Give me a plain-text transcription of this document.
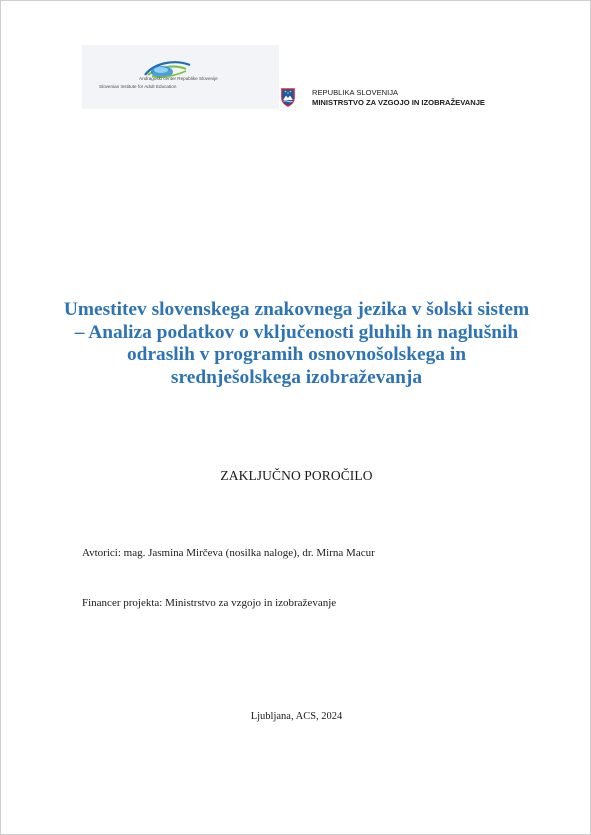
Andragoški center Republike Slovenije
Slovenian Institute for Adult Education
REPUBLIKA SLOVENIJA
MINISTRSTVO ZA VZGOJO IN IZOBRAŽEVANJE
Umestitev slovenskega znakovnega jezika v šolski sistem – Analiza podatkov o vključenosti gluhih in naglušnih odraslih v programih osnovnošolskega in srednješolskega izobraževanja
ZAKLJUČNO POROČILO
Avtorici: mag. Jasmina Mirčeva (nosilka naloge), dr. Mirna Macur
Financer projekta: Ministrstvo za vzgojo in izobraževanje
Ljubljana, ACS, 2024
